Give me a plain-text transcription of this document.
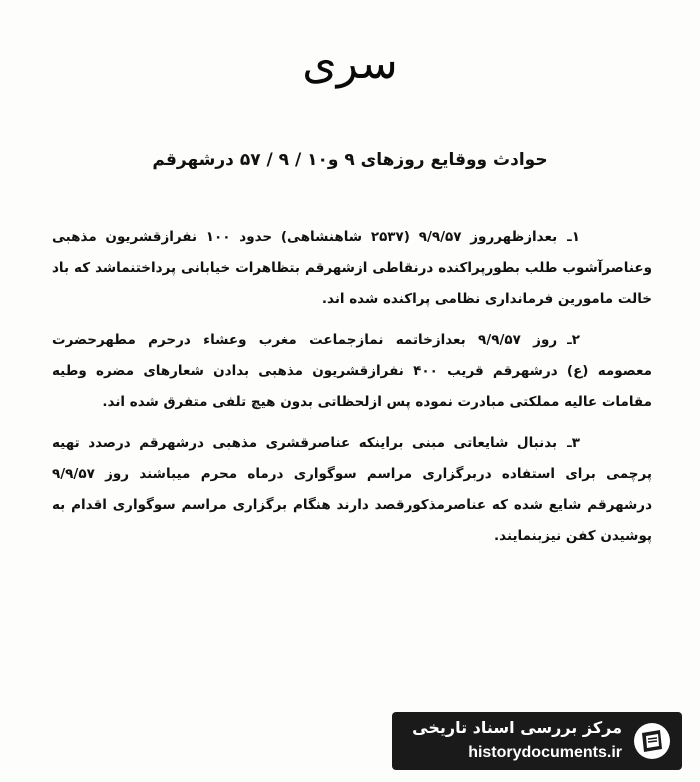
سری
حوادث ووقایع روزهای ۹ و۱۰ / ۹ / ۵۷ درشهرقم

۱ـبعدازظهرروز ۹/۹/۵۷ (۲۵۳۷ شاهنشاهی) حدود ۱۰۰ نفرازقشریون مذهبی وعناصرآشوب طلب بطورپراکنده درنقاطی ازشهرقم بتظاهرات خیابانی پرداختنماشد که باد خالت مامورین فرمانداری نظامی پراکنده شده اند.

۲ـروز ۹/۹/۵۷ بعدازخاتمه نمازجماعت مغرب وعشاء درحرم مطهرحضرت معصومه (ع) درشهرقم قریب ۴۰۰ نفرازقشریون مذهبی بدادن شعارهای مضره وطیه مقامات عالیه مملکتی مبادرت نموده پس ازلحظاتی بدون هیچ تلفی متفرق شده اند.

۳ـبدنبال شایعاتی مبنی براینکه عناصرقشری مذهبی درشهرقم درصدد تهیه پرچمی برای استفاده دربرگزاری مراسم سوگواری درماه محرم میباشند روز ۹/۹/۵۷ درشهرقم شایع شده که عناصرمذکورقصد دارند هنگام برگزاری مراسم سوگواری اقدام به پوشیدن کفن نیزبنمایند.

مرکز بررسی اسناد تاریخی
historydocuments.ir
